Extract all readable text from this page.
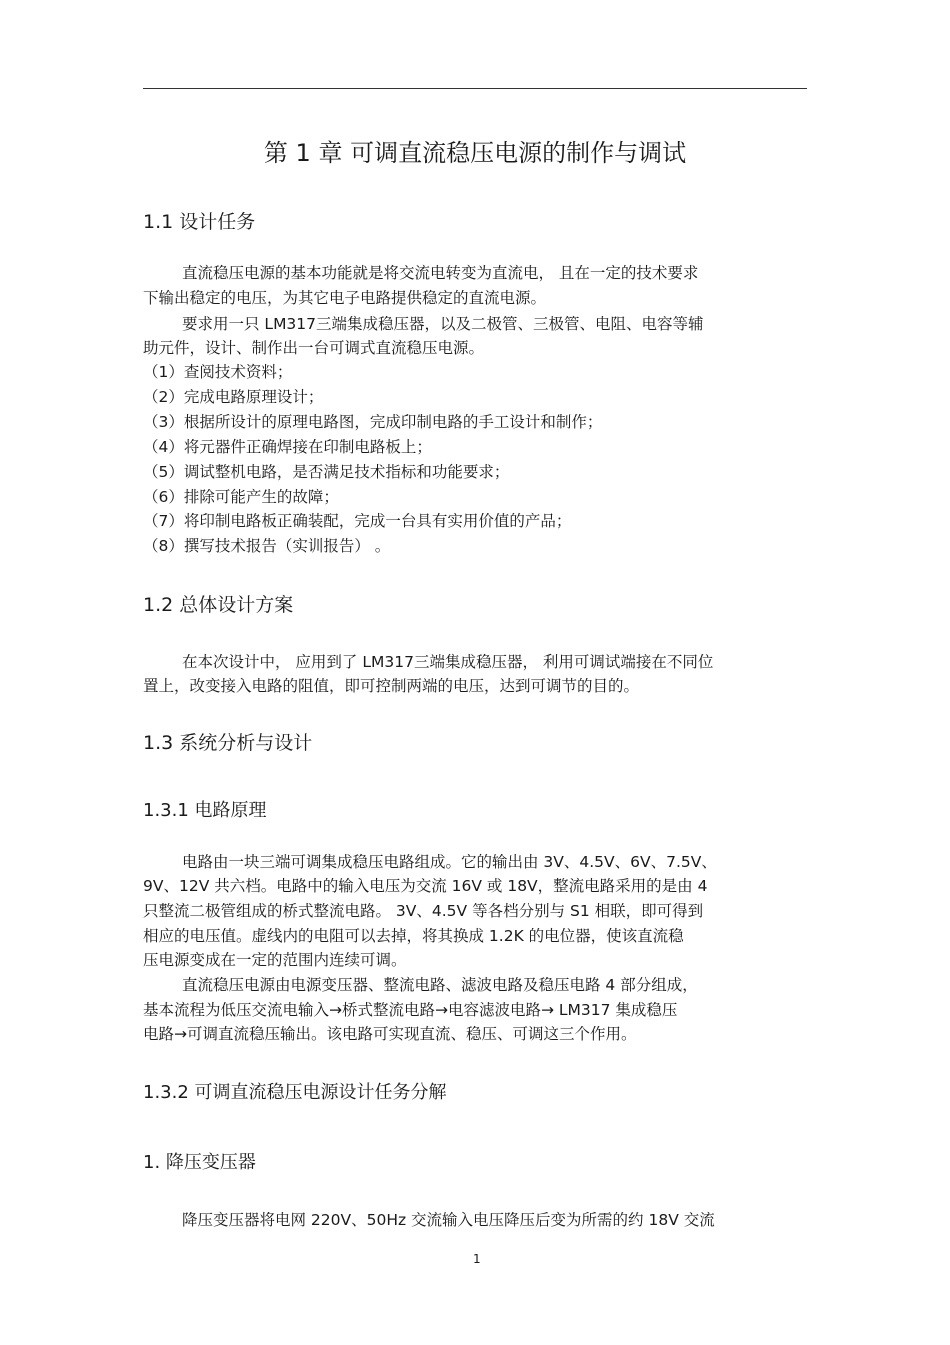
第 1 章 可调直流稳压电源的制作与调试
1.1 设计任务
直流稳压电源的基本功能就是将交流电转变为直流电， 且在一定的技术要求
下输出稳定的电压，为其它电子电路提供稳定的直流电源。
要求用一只 LM317三端集成稳压器，以及二极管、三极管、电阻、电容等辅
助元件，设计、制作出一台可调式直流稳压电源。
（1）查阅技术资料；
（2）完成电路原理设计；
（3）根据所设计的原理电路图，完成印制电路的手工设计和制作；
（4）将元器件正确焊接在印制电路板上；
（5）调试整机电路，是否满足技术指标和功能要求；
（6）排除可能产生的故障；
（7）将印制电路板正确装配，完成一台具有实用价值的产品；
（8）撰写技术报告（实训报告） 。
1.2 总体设计方案
在本次设计中， 应用到了 LM317三端集成稳压器， 利用可调试端接在不同位
置上，改变接入电路的阻值，即可控制两端的电压，达到可调节的目的。
1.3 系统分析与设计
1.3.1 电路原理
电路由一块三端可调集成稳压电路组成。它的输出由 3V、4.5V、6V、7.5V、
9V、12V 共六档。电路中的输入电压为交流 16V 或 18V，整流电路采用的是由 4
只整流二极管组成的桥式整流电路。 3V、4.5V 等各档分别与 S1 相联，即可得到
相应的电压值。虚线内的电阻可以去掉，将其换成 1.2K 的电位器，使该直流稳
压电源变成在一定的范围内连续可调。
直流稳压电源由电源变压器、整流电路、滤波电路及稳压电路 4 部分组成，
基本流程为低压交流电输入→桥式整流电路→电容滤波电路→ LM317 集成稳压
电路→可调直流稳压输出。该电路可实现直流、稳压、可调这三个作用。
1.3.2 可调直流稳压电源设计任务分解
1. 降压变压器
降压变压器将电网 220V、50Hz 交流输入电压降压后变为所需的约 18V 交流
1
